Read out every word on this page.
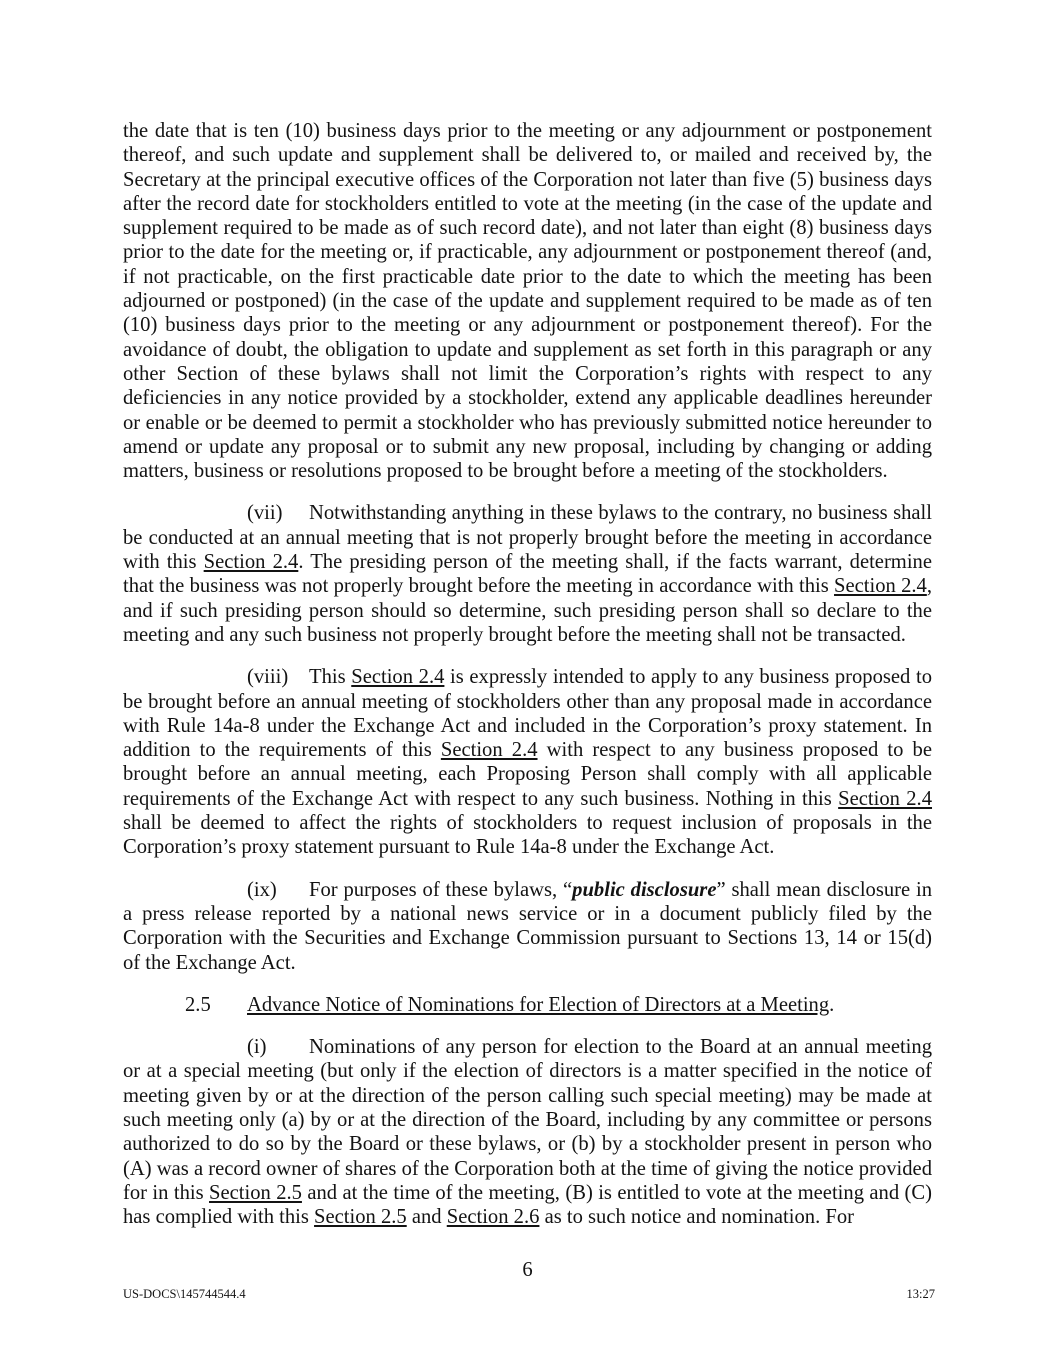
the date that is ten (10) business days prior to the meeting or any adjournment or postponement thereof, and such update and supplement shall be delivered to, or mailed and received by, the Secretary at the principal executive offices of the Corporation not later than five (5) business days after the record date for stockholders entitled to vote at the meeting (in the case of the update and supplement required to be made as of such record date), and not later than eight (8) business days prior to the date for the meeting or, if practicable, any adjournment or postponement thereof (and, if not practicable, on the first practicable date prior to the date to which the meeting has been adjourned or postponed) (in the case of the update and supplement required to be made as of ten (10) business days prior to the meeting or any adjournment or postponement thereof). For the avoidance of doubt, the obligation to update and supplement as set forth in this paragraph or any other Section of these bylaws shall not limit the Corporation’s rights with respect to any deficiencies in any notice provided by a stockholder, extend any applicable deadlines hereunder or enable or be deemed to permit a stockholder who has previously submitted notice hereunder to amend or update any proposal or to submit any new proposal, including by changing or adding matters, business or resolutions proposed to be brought before a meeting of the stockholders.

(vii) Notwithstanding anything in these bylaws to the contrary, no business shall be conducted at an annual meeting that is not properly brought before the meeting in accordance with this Section 2.4. The presiding person of the meeting shall, if the facts warrant, determine that the business was not properly brought before the meeting in accordance with this Section 2.4, and if such presiding person should so determine, such presiding person shall so declare to the meeting and any such business not properly brought before the meeting shall not be transacted.

(viii) This Section 2.4 is expressly intended to apply to any business proposed to be brought before an annual meeting of stockholders other than any proposal made in accordance with Rule 14a-8 under the Exchange Act and included in the Corporation’s proxy statement. In addition to the requirements of this Section 2.4 with respect to any business proposed to be brought before an annual meeting, each Proposing Person shall comply with all applicable requirements of the Exchange Act with respect to any such business. Nothing in this Section 2.4 shall be deemed to affect the rights of stockholders to request inclusion of proposals in the Corporation’s proxy statement pursuant to Rule 14a-8 under the Exchange Act.

(ix) For purposes of these bylaws, “public disclosure” shall mean disclosure in a press release reported by a national news service or in a document publicly filed by the Corporation with the Securities and Exchange Commission pursuant to Sections 13, 14 or 15(d) of the Exchange Act.

2.5 Advance Notice of Nominations for Election of Directors at a Meeting.

(i) Nominations of any person for election to the Board at an annual meeting or at a special meeting (but only if the election of directors is a matter specified in the notice of meeting given by or at the direction of the person calling such special meeting) may be made at such meeting only (a) by or at the direction of the Board, including by any committee or persons authorized to do so by the Board or these bylaws, or (b) by a stockholder present in person who (A) was a record owner of shares of the Corporation both at the time of giving the notice provided for in this Section 2.5 and at the time of the meeting, (B) is entitled to vote at the meeting and (C) has complied with this Section 2.5 and Section 2.6 as to such notice and nomination. For

6
US-DOCS\145744544.4	13:27
